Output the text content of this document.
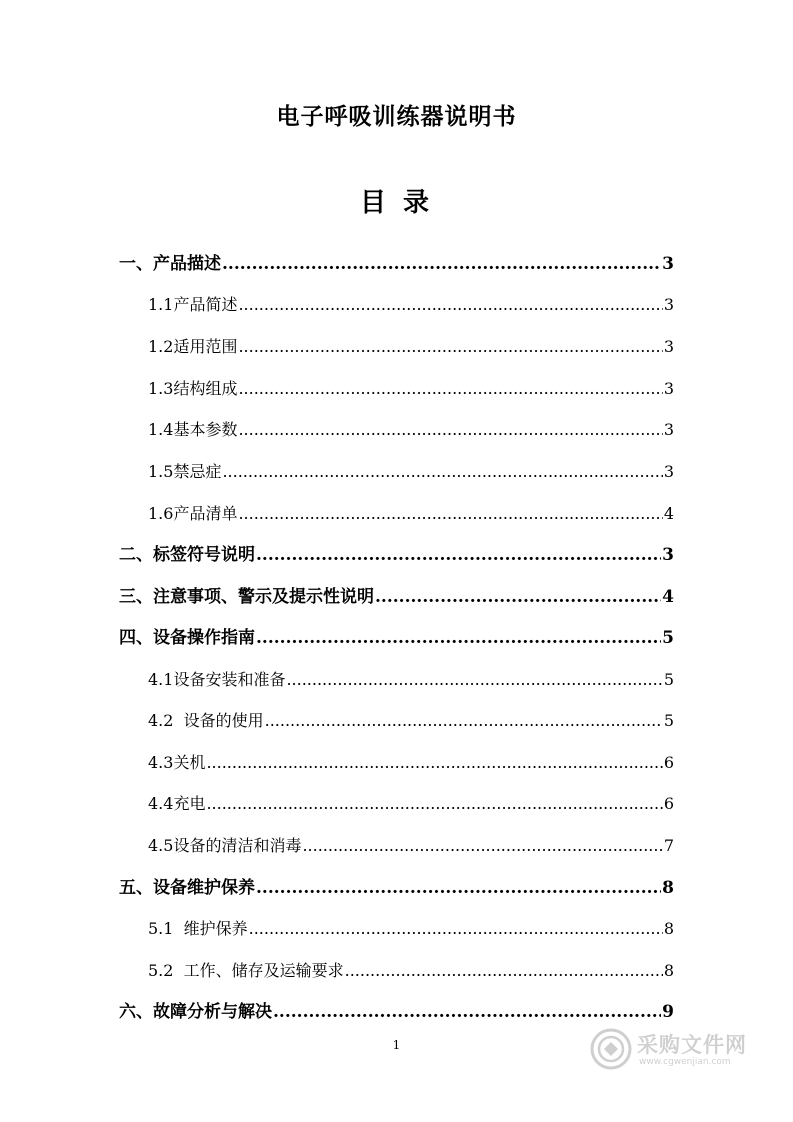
电子呼吸训练器说明书
目 录
一、产品描述 .....	3
1.1产品简述 .....	3
1.2适用范围 .....	3
1.3结构组成 .....	3
1.4基本参数 .....	3
1.5禁忌症 .....	3
1.6产品清单 .....	4
二、标签符号说明 .....	3
三、注意事项、警示及提示性说明 .....	4
四、设备操作指南 .....	5
4.1设备安装和准备 .....	5
4.2  设备的使用 .....	5
4.3关机 .....	6
4.4充电 .....	6
4.5设备的清洁和消毒 .....	7
五、设备维护保养 .....	8
5.1  维护保养 .....	8
5.2  工作、储存及运输要求 .....	8
六、故障分析与解决 .....	9
1	采购文件网
www.cgwenjian.com
